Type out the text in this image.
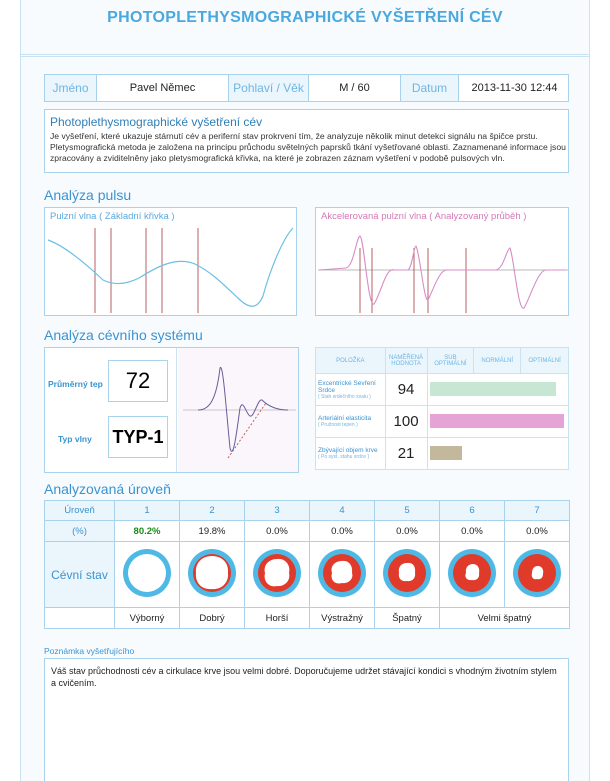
PHOTOPLETHYSMOGRAPHICKÉ VYŠETŘENÍ CÉV
Jméno	Pavel Němec	Pohlaví / Věk	M / 60	Datum	2013-11-30 12:44
Photoplethysmographické vyšetření cév
Je vyšetření, které ukazuje stárnutí cév a periferní stav prokrvení tím, že analyzuje několik minut detekci signálu na špičce prstu. Pletysmografická metoda je založena na principu průchodu světelných paprsků tkání vyšetřované oblasti. Zaznamenané informace jsou zpracovány a zviditelněny jako pletysmografická křivka, na které je zobrazen záznam vyšetření v podobě pulsových vln.
Analýza pulsu
Pulzní vlna ( Základní křivka )	Akcelerovaná pulzní vlna ( Analyzovaný průběh )
Analýza cévního systému
Průměrný tep	72
Typ vlny TYP-1
POLOŽKA	NAMĚŘENÁ HODNOTA	SUB OPTIMÁLNÍ	NORMÁLNÍ	OPTIMÁLNÍ

Excentrické Sevření Srdce
( Stah srdečního svalu )	94			

Arteriální elasticita
( Pružnost tepen )	100			

Zbývající objem krve
( Po syst. stahu srdce )	21			
Analyzovaná úroveň
Úroveň	1	2	3	4	5	6	7
(%)	80.2%	19.8%	0.0%	0.0%	0.0%	0.0%	0.0%
Cévní stav							
	Výborný	Dobrý	Horší	Výstražný	Špatný	Velmi špatný	
Poznámka vyšetřujícího
Váš stav průchodnosti cév a cirkulace krve jsou velmi dobré. Doporučujeme udržet stávající kondici s vhodným životním stylem a cvičením.
